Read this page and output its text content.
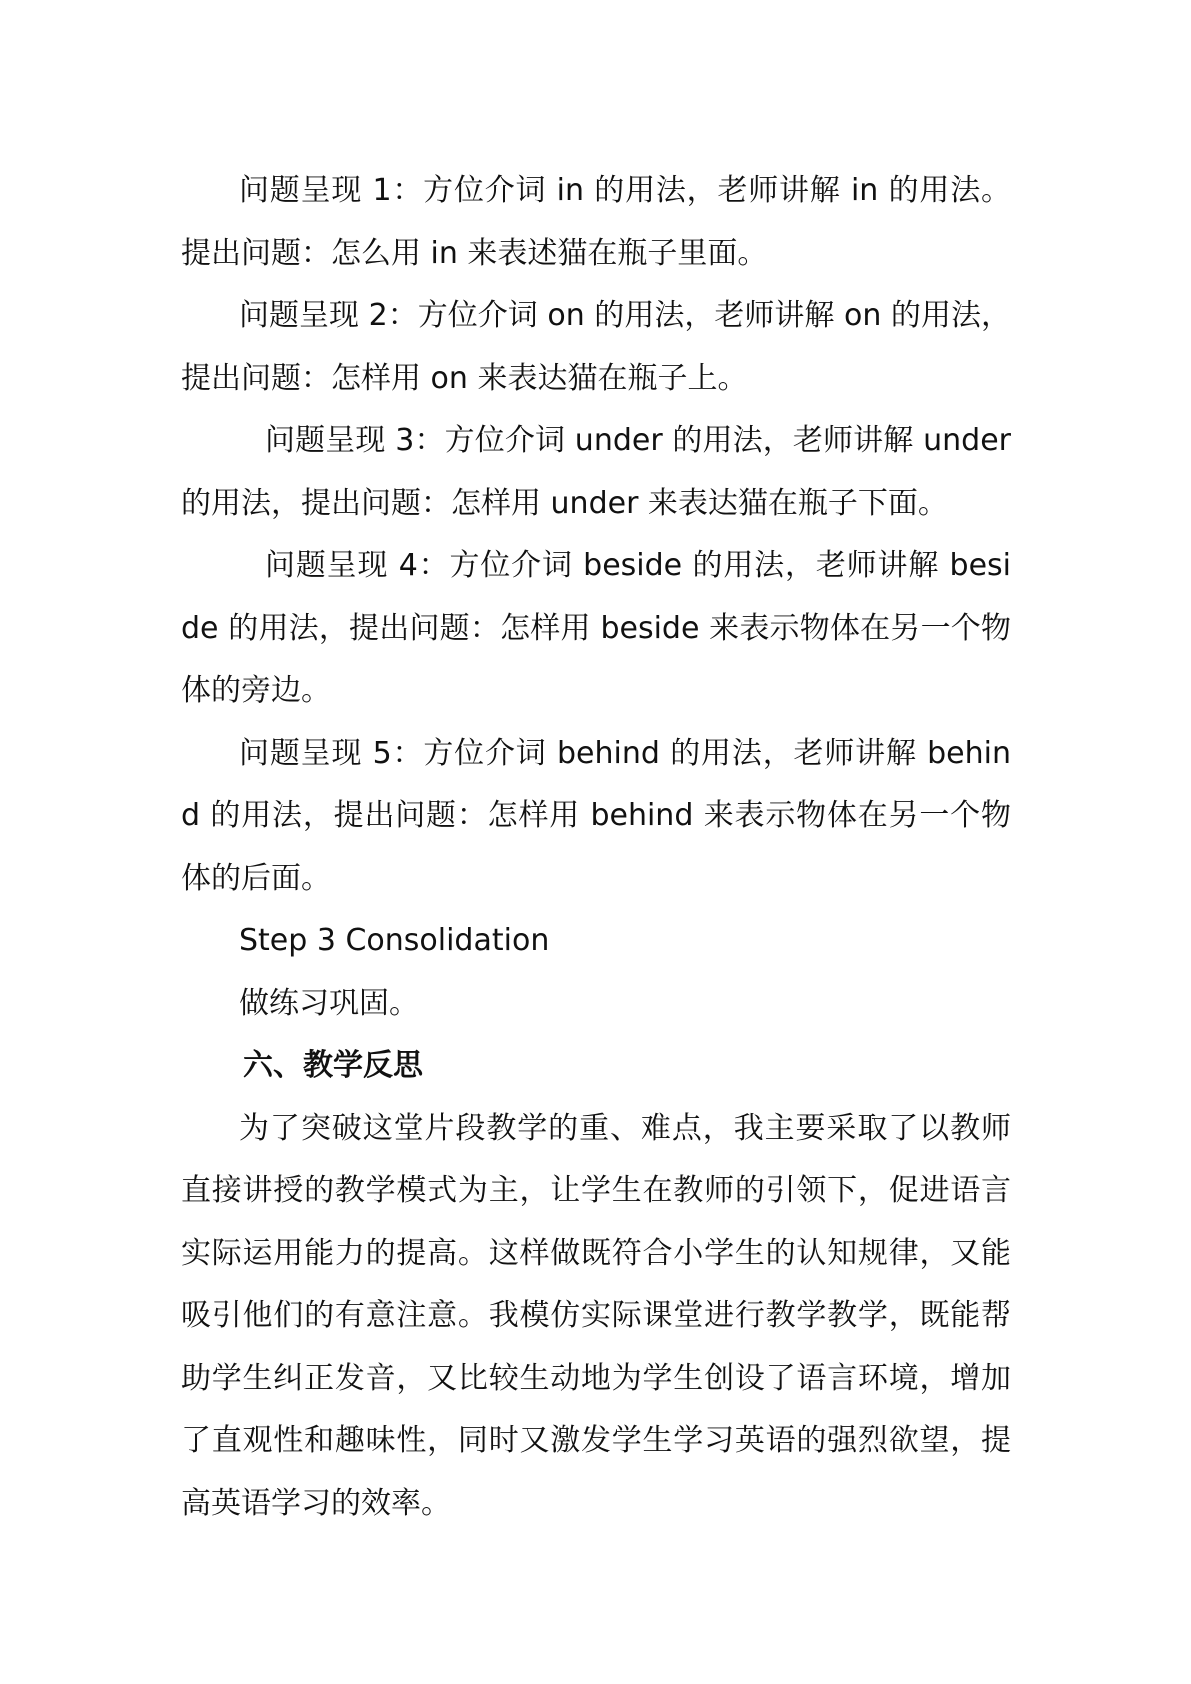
问题呈现 1：方位介词 in 的用法，老师讲解 in 的用法。提出问题：怎么用 in 来表述猫在瓶子里面。

问题呈现 2：方位介词 on 的用法，老师讲解 on 的用法，提出问题：怎样用 on 来表达猫在瓶子上。

问题呈现 3：方位介词 under 的用法，老师讲解 under 的用法，提出问题：怎样用 under 来表达猫在瓶子下面。

问题呈现 4：方位介词 beside 的用法，老师讲解 beside 的用法，提出问题：怎样用 beside 来表示物体在另一个物体的旁边。

问题呈现 5：方位介词 behind 的用法，老师讲解 behind 的用法，提出问题：怎样用 behind 来表示物体在另一个物体的后面。

Step 3 Consolidation

做练习巩固。

六、教学反思

为了突破这堂片段教学的重、难点，我主要采取了以教师直接讲授的教学模式为主，让学生在教师的引领下，促进语言实际运用能力的提高。这样做既符合小学生的认知规律，又能吸引他们的有意注意。我模仿实际课堂进行教学教学，既能帮助学生纠正发音，又比较生动地为学生创设了语言环境，增加了直观性和趣味性，同时又激发学生学习英语的强烈欲望，提高英语学习的效率。
